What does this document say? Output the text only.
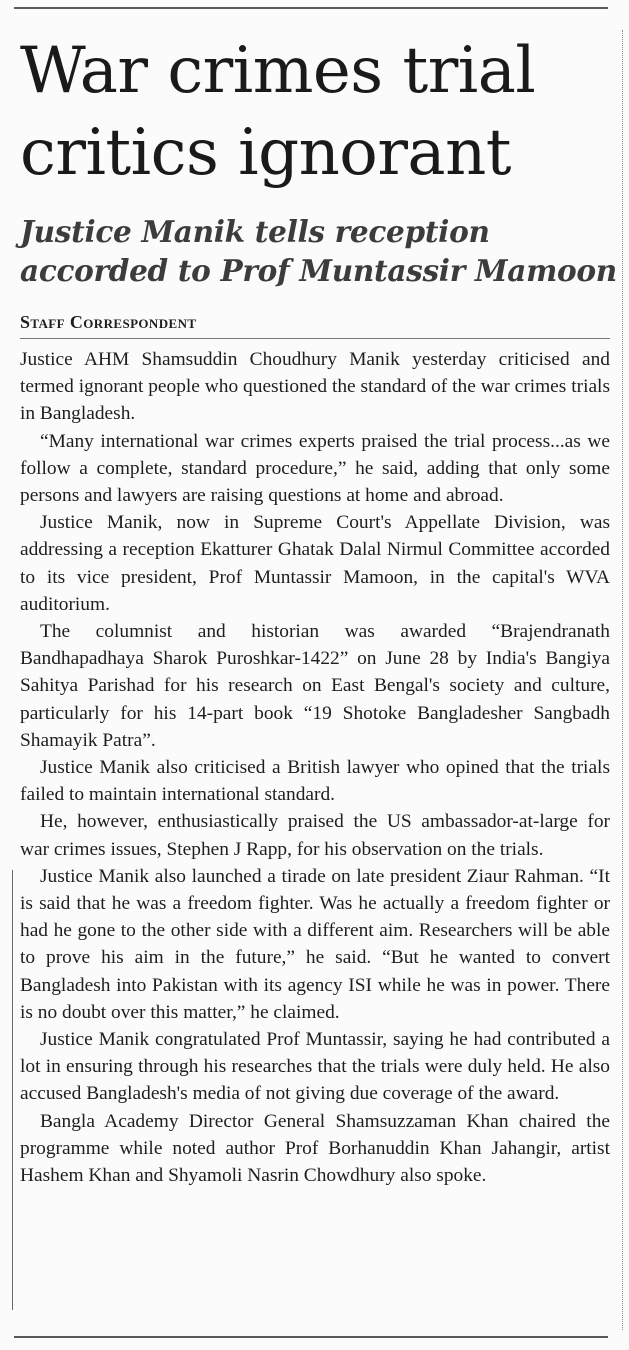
War crimes trial critics ignorant
Justice Manik tells reception accorded to Prof Muntassir Mamoon
Staff Correspondent

Justice AHM Shamsuddin Choudhury Manik yesterday criticised and termed ignorant people who questioned the standard of the war crimes trials in Bangladesh.

“Many international war crimes experts praised the trial process...as we follow a complete, standard procedure,” he said, adding that only some persons and lawyers are raising questions at home and abroad.

Justice Manik, now in Supreme Court's Appellate Division, was addressing a reception Ekatturer Ghatak Dalal Nirmul Committee accorded to its vice president, Prof Muntassir Mamoon, in the capital's WVA auditorium.

The columnist and historian was awarded “Brajendranath Bandhapadhaya Sharok Puroshkar-1422” on June 28 by India's Bangiya Sahitya Parishad for his research on East Bengal's society and culture, particularly for his 14-part book “19 Shotoke Bangladesher Sangbadh Shamayik Patra”.

Justice Manik also criticised a British lawyer who opined that the trials failed to maintain international standard.

He, however, enthusiastically praised the US ambassador-at-large for war crimes issues, Stephen J Rapp, for his observation on the trials.

Justice Manik also launched a tirade on late president Ziaur Rahman. “It is said that he was a freedom fighter. Was he actually a freedom fighter or had he gone to the other side with a different aim. Researchers will be able to prove his aim in the future,” he said. “But he wanted to convert Bangladesh into Pakistan with its agency ISI while he was in power. There is no doubt over this matter,” he claimed.

Justice Manik congratulated Prof Muntassir, saying he had contributed a lot in ensuring through his researches that the trials were duly held. He also accused Bangladesh's media of not giving due coverage of the award.

Bangla Academy Director General Shamsuzzaman Khan chaired the programme while noted author Prof Borhanuddin Khan Jahangir, artist Hashem Khan and Shyamoli Nasrin Chowdhury also spoke.
